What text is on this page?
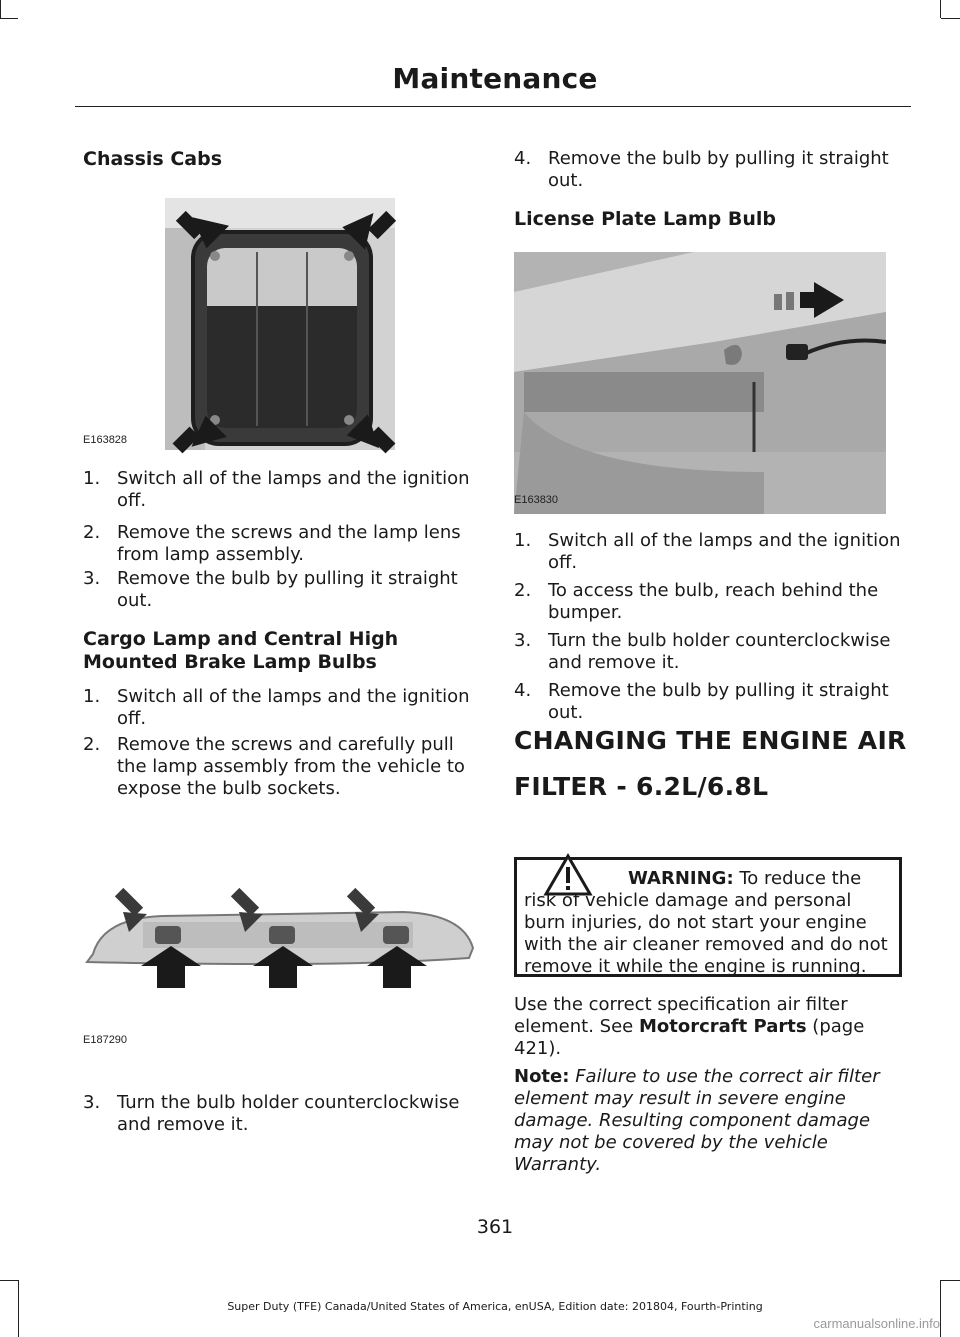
Maintenance
Chassis Cabs
E163828
1. Switch all of the lamps and the ignition off.
2. Remove the screws and the lamp lens from lamp assembly.
3. Remove the bulb by pulling it straight out.
Cargo Lamp and Central High Mounted Brake Lamp Bulbs
1. Switch all of the lamps and the ignition off.
2. Remove the screws and carefully pull the lamp assembly from the vehicle to expose the bulb sockets.
E187290
3. Turn the bulb holder counterclockwise and remove it.
4. Remove the bulb by pulling it straight out.
License Plate Lamp Bulb
E163830
1. Switch all of the lamps and the ignition off.
2. To access the bulb, reach behind the bumper.
3. Turn the bulb holder counterclockwise and remove it.
4. Remove the bulb by pulling it straight out.
CHANGING THE ENGINE AIR
FILTER - 6.2L/6.8L
WARNING: To reduce the risk of vehicle damage and personal burn injuries, do not start your engine with the air cleaner removed and do not remove it while the engine is running.
Use the correct specification air filter element. See Motorcraft Parts (page 421).
Note: Failure to use the correct air filter element may result in severe engine damage. Resulting component damage may not be covered by the vehicle Warranty.
361
Super Duty (TFE) Canada/United States of America, enUSA, Edition date: 201804, Fourth-Printing
carmanualsonline.info
